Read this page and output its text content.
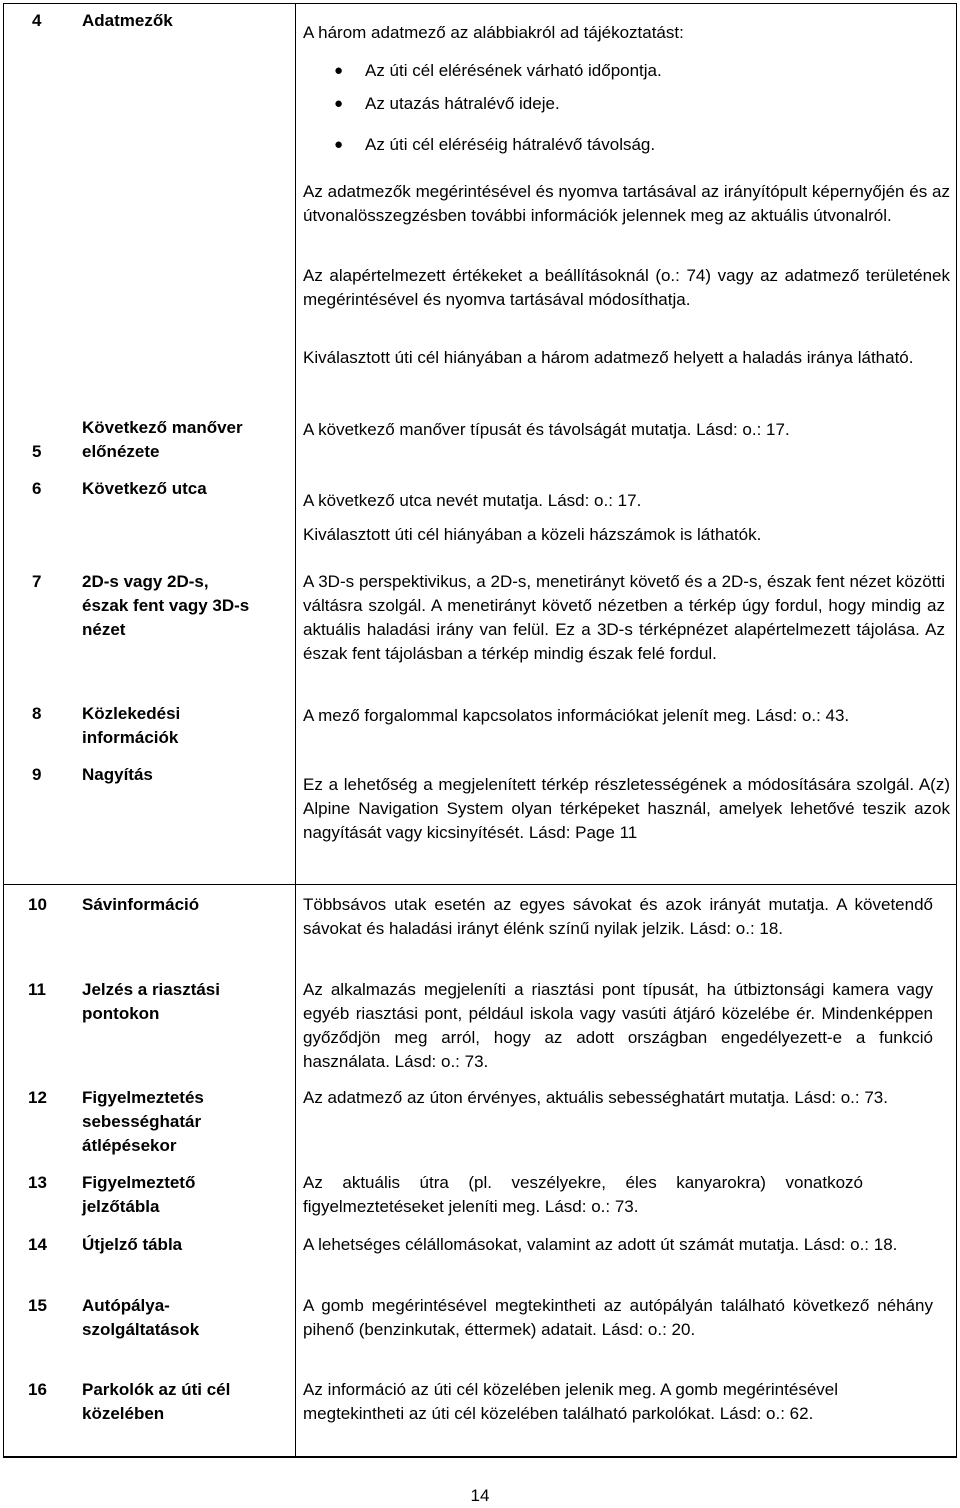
4 Adatmezők
A három adatmező az alábbiakról ad tájékoztatást:
● Az úti cél elérésének várható időpontja.
● Az utazás hátralévő ideje.
● Az úti cél eléréséig hátralévő távolság.
Az adatmezők megérintésével és nyomva tartásával az irányítópult képernyőjén és az útvonalösszegzésben további információk jelennek meg az aktuális útvonalról.
Az alapértelmezett értékeket a beállításoknál (o.: 74) vagy az adatmező területének megérintésével és nyomva tartásával módosíthatja.
Kiválasztott úti cél hiányában a három adatmező helyett a haladás iránya látható.
5
Következő manőver
előnézete
A következő manőver típusát és távolságát mutatja. Lásd: o.: 17.
6 Következő utca
A következő utca nevét mutatja. Lásd: o.: 17.
Kiválasztott úti cél hiányában a közeli házszámok is láthatók.
7 2D-s vagy 2D-s,
észak fent vagy 3D-s
nézet
A 3D-s perspektivikus, a 2D-s, menetirányt követő és a 2D-s, észak fent nézet közötti váltásra szolgál. A menetirányt követő nézetben a térkép úgy fordul, hogy mindig az aktuális haladási irány van felül. Ez a 3D-s térképnézet alapértelmezett tájolása. Az észak fent tájolásban a térkép mindig észak felé fordul.
8 Közlekedési
információk
A mező forgalommal kapcsolatos információkat jelenít meg. Lásd: o.: 43.
9 Nagyítás
Ez a lehetőség a megjelenített térkép részletességének a módosítására szolgál. A(z) Alpine Navigation System olyan térképeket használ, amelyek lehetővé teszik azok nagyítását vagy kicsinyítését. Lásd: Page 11
10 Sávinformáció	Többsávos utak esetén az egyes sávokat és azok irányát mutatja. A követendő sávokat és haladási irányt élénk színű nyilak jelzik. Lásd: o.: 18.
11 Jelzés a riasztási
pontokon
Az alkalmazás megjeleníti a riasztási pont típusát, ha útbiztonsági kamera vagy egyéb riasztási pont, például iskola vagy vasúti átjáró közelébe ér. Mindenképpen győződjön meg arról, hogy az adott országban engedélyezett-e a funkció használata. Lásd: o.: 73.
12 Figyelmeztetés
sebességhatár
átlépésekor
Az adatmező az úton érvényes, aktuális sebességhatárt mutatja. Lásd: o.: 73.
13 Figyelmeztető
jelzőtábla
Az aktuális útra (pl. veszélyekre, éles kanyarokra) vonatkozó figyelmeztetéseket jeleníti meg. Lásd: o.: 73.
14 Útjelző tábla	A lehetséges célállomásokat, valamint az adott út számát mutatja. Lásd: o.: 18.
15 Autópálya-
szolgáltatások
A gomb megérintésével megtekintheti az autópályán található következő néhány pihenő (benzinkutak, éttermek) adatait. Lásd: o.: 20.
16 Parkolók az úti cél
közelében
Az információ az úti cél közelében jelenik meg. A gomb megérintésével megtekintheti az úti cél közelében található parkolókat. Lásd: o.: 62.
14
